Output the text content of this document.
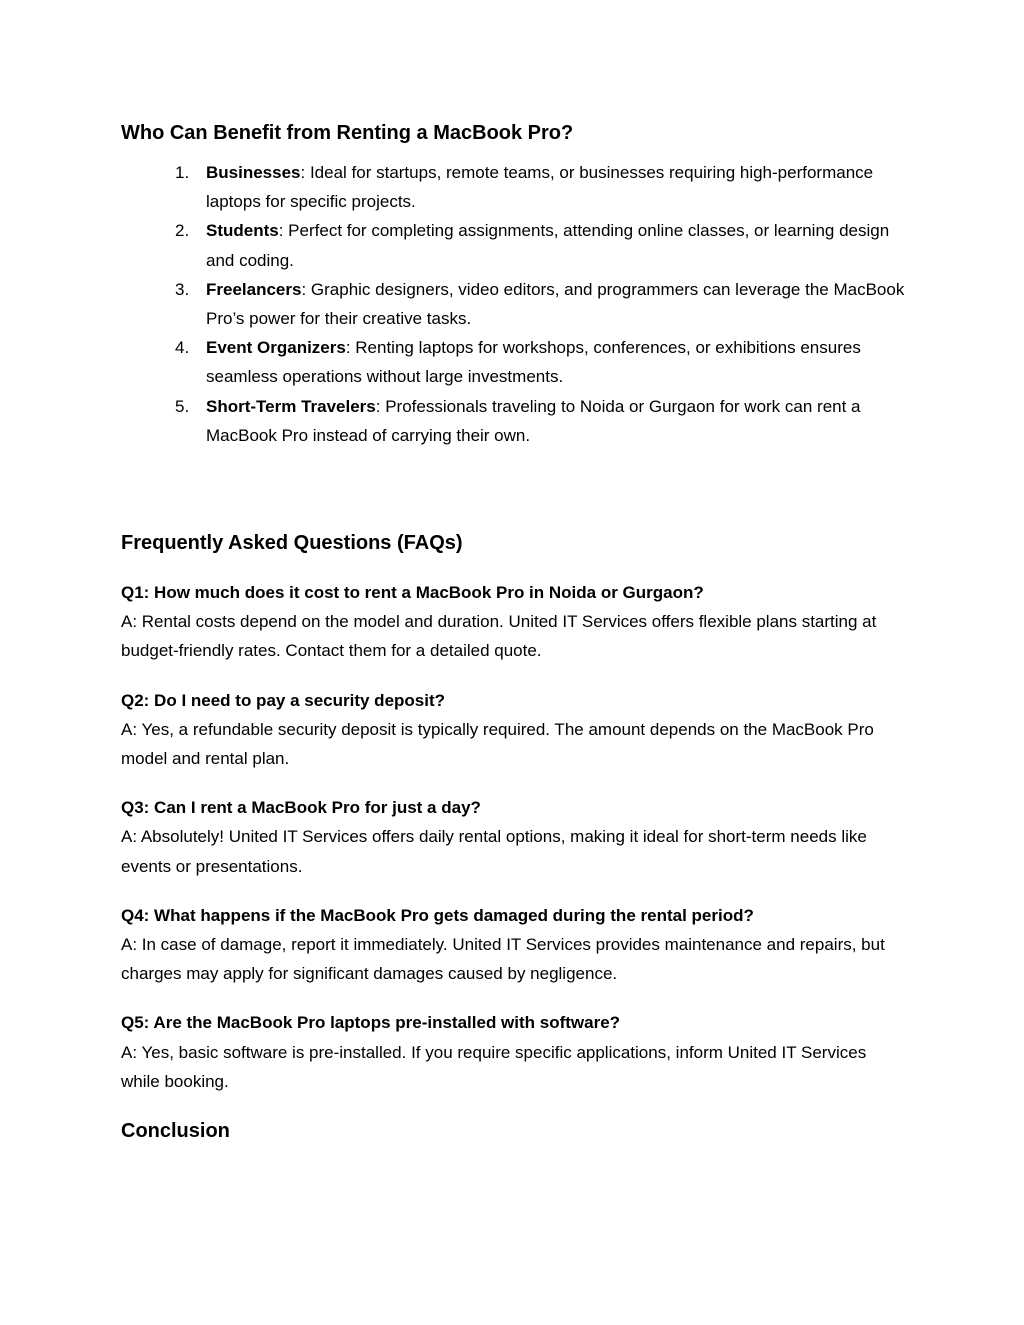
Who Can Benefit from Renting a MacBook Pro?
1. Businesses: Ideal for startups, remote teams, or businesses requiring high-performance laptops for specific projects.
2. Students: Perfect for completing assignments, attending online classes, or learning design and coding.
3. Freelancers: Graphic designers, video editors, and programmers can leverage the MacBook Pro’s power for their creative tasks.
4. Event Organizers: Renting laptops for workshops, conferences, or exhibitions ensures seamless operations without large investments.
5. Short-Term Travelers: Professionals traveling to Noida or Gurgaon for work can rent a MacBook Pro instead of carrying their own.
Frequently Asked Questions (FAQs)
Q1: How much does it cost to rent a MacBook Pro in Noida or Gurgaon?
A: Rental costs depend on the model and duration. United IT Services offers flexible plans starting at budget-friendly rates. Contact them for a detailed quote.
Q2: Do I need to pay a security deposit?
A: Yes, a refundable security deposit is typically required. The amount depends on the MacBook Pro model and rental plan.
Q3: Can I rent a MacBook Pro for just a day?
A: Absolutely! United IT Services offers daily rental options, making it ideal for short-term needs like events or presentations.
Q4: What happens if the MacBook Pro gets damaged during the rental period?
A: In case of damage, report it immediately. United IT Services provides maintenance and repairs, but charges may apply for significant damages caused by negligence.
Q5: Are the MacBook Pro laptops pre-installed with software?
A: Yes, basic software is pre-installed. If you require specific applications, inform United IT Services while booking.
Conclusion
